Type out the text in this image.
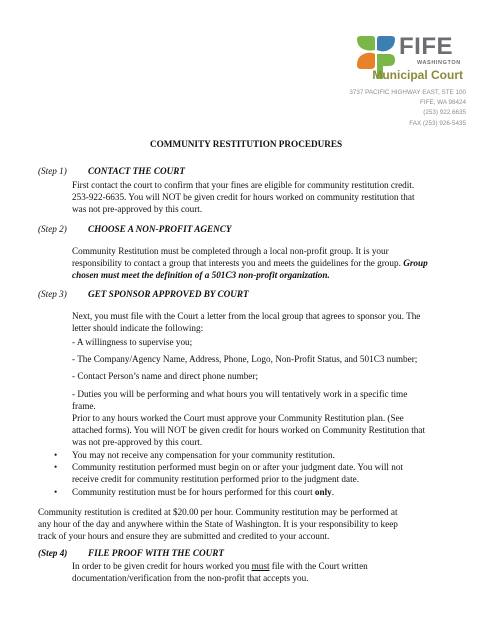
FIFE
WASHINGTON
Municipal Court
3737 PACIFIC HIGHWAY EAST, STE 100
FIFE, WA 98424
(253) 922.6635
FAX (253) 926-5435
COMMUNITY RESTITUTION PROCEDURES
(Step 1) CONTACT THE COURT
First contact the court to confirm that your fines are eligible for community restitution credit.
253-922-6635. You will NOT be given credit for hours worked on community restitution that
was not pre-approved by this court.
(Step 2) CHOOSE A NON-PROFIT AGENCY
Community Restitution must be completed through a local non-profit group. It is your
responsibility to contact a group that interests you and meets the guidelines for the group. Group
chosen must meet the definition of a 501C3 non-profit organization.
(Step 3) GET SPONSOR APPROVED BY COURT
Next, you must file with the Court a letter from the local group that agrees to sponsor you. The
letter should indicate the following:
- A willingness to supervise you;
- The Company/Agency Name, Address, Phone, Logo, Non-Profit Status, and 501C3 number;
- Contact Person’s name and direct phone number;
- Duties you will be performing and what hours you will tentatively work in a specific time
frame.
Prior to any hours worked the Court must approve your Community Restitution plan. (See
attached forms). You will NOT be given credit for hours worked on Community Restitution that
was not pre-approved by this court.
• You may not receive any compensation for your community restitution.
• Community restitution performed must begin on or after your judgment date. You will not
receive credit for community restitution performed prior to the judgment date.
• Community restitution must be for hours performed for this court only.
Community restitution is credited at $20.00 per hour. Community restitution may be performed at
any hour of the day and anywhere within the State of Washington. It is your responsibility to keep
track of your hours and ensure they are submitted and credited to your account.
(Step 4) FILE PROOF WITH THE COURT
In order to be given credit for hours worked you must file with the Court written
documentation/verification from the non-profit that accepts you.
